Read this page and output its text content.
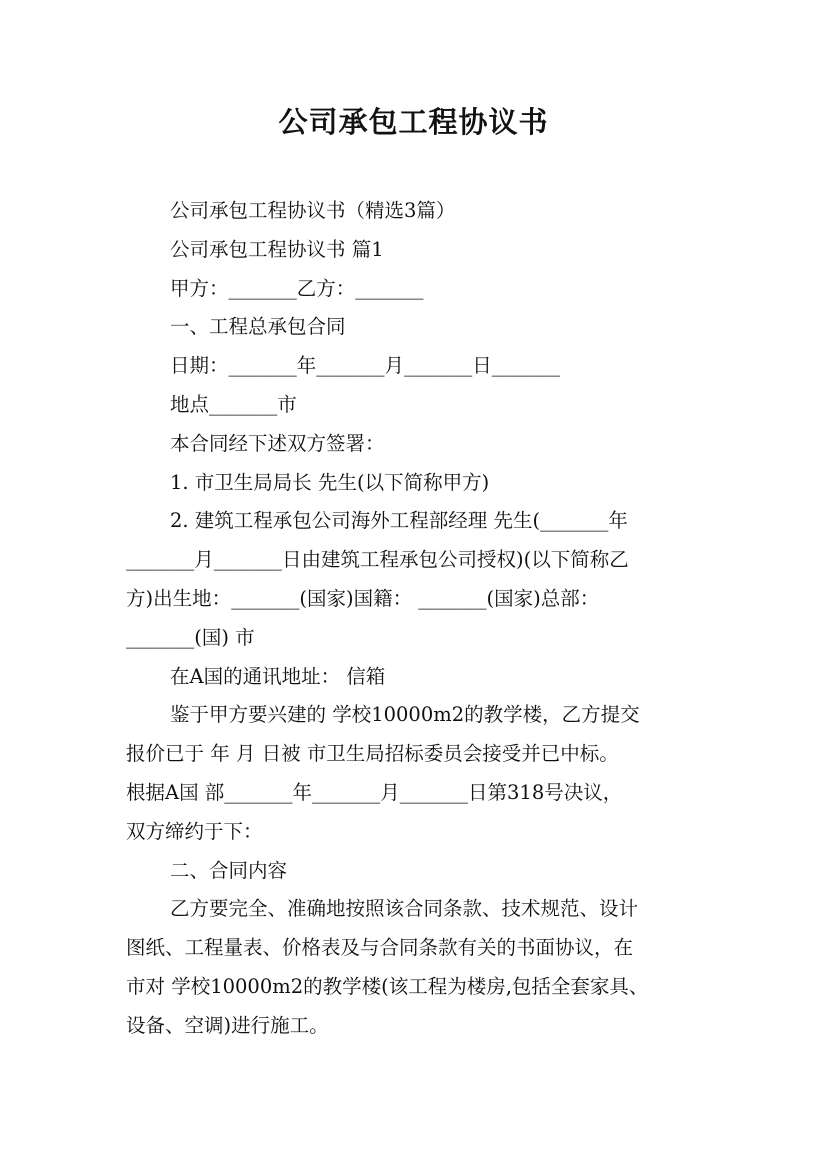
公司承包工程协议书
公司承包工程协议书（精选3篇）
公司承包工程协议书 篇1
甲方：_______乙方：_______
一、工程总承包合同
日期：_______年_______月_______日_______
地点_______市
本合同经下述双方签署：
1. 市卫生局局长 先生(以下简称甲方)
2. 建筑工程承包公司海外工程部经理 先生(_______年
_______月_______日由建筑工程承包公司授权)(以下简称乙
方)出生地：_______(国家)国籍： _______(国家)总部：
_______(国) 市
在A国的通讯地址： 信箱
鉴于甲方要兴建的 学校10000m2的教学楼，乙方提交
报价已于 年 月 日被 市卫生局招标委员会接受并已中标。
根据A国 部_______年_______月_______日第318号决议，
双方缔约于下：
二、合同内容
乙方要完全、准确地按照该合同条款、技术规范、设计
图纸、工程量表、价格表及与合同条款有关的书面协议，在
市对 学校10000m2的教学楼(该工程为楼房,包括全套家具、
设备、空调)进行施工。
